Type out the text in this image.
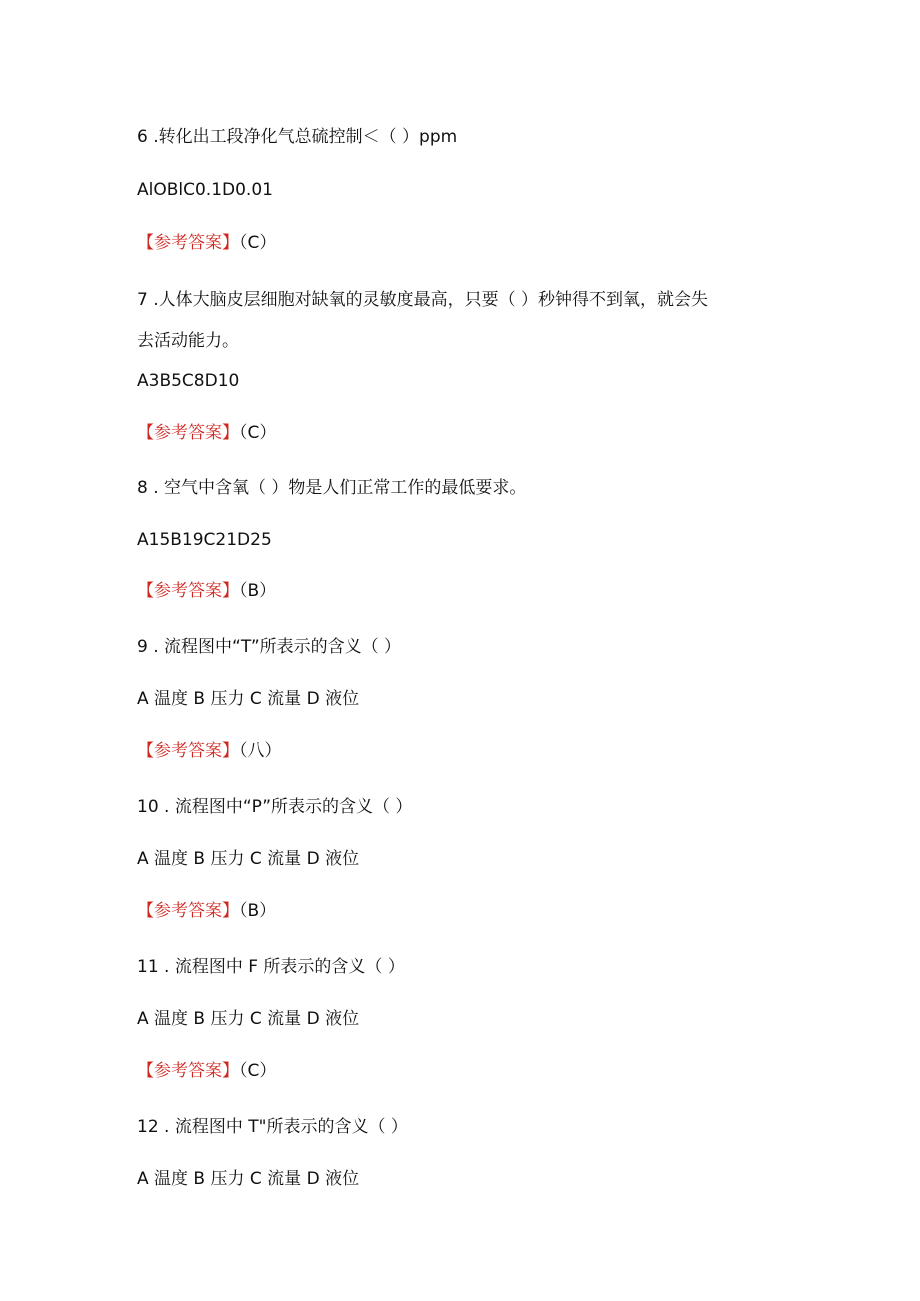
6 .转化出工段净化气总硫控制＜（ ）ppm
AlOBlC0.1D0.01
【参考答案】（C）
7 .人体大脑皮层细胞对缺氧的灵敏度最高，只要（ ）秒钟得不到氧，就会失
去活动能力。
A3B5C8D10
【参考答案】（C）
8 . 空气中含氧（ ）物是人们正常工作的最低要求。
A15B19C21D25
【参考答案】（B）
9 . 流程图中“T”所表示的含义（ ）
A 温度 B 压力 C 流量 D 液位
【参考答案】（八）
10 . 流程图中“P”所表示的含义（ ）
A 温度 B 压力 C 流量 D 液位
【参考答案】（B）
11 . 流程图中 F 所表示的含义（ ）
A 温度 B 压力 C 流量 D 液位
【参考答案】（C）
12 . 流程图中 T"所表示的含义（ ）
A 温度 B 压力 C 流量 D 液位
